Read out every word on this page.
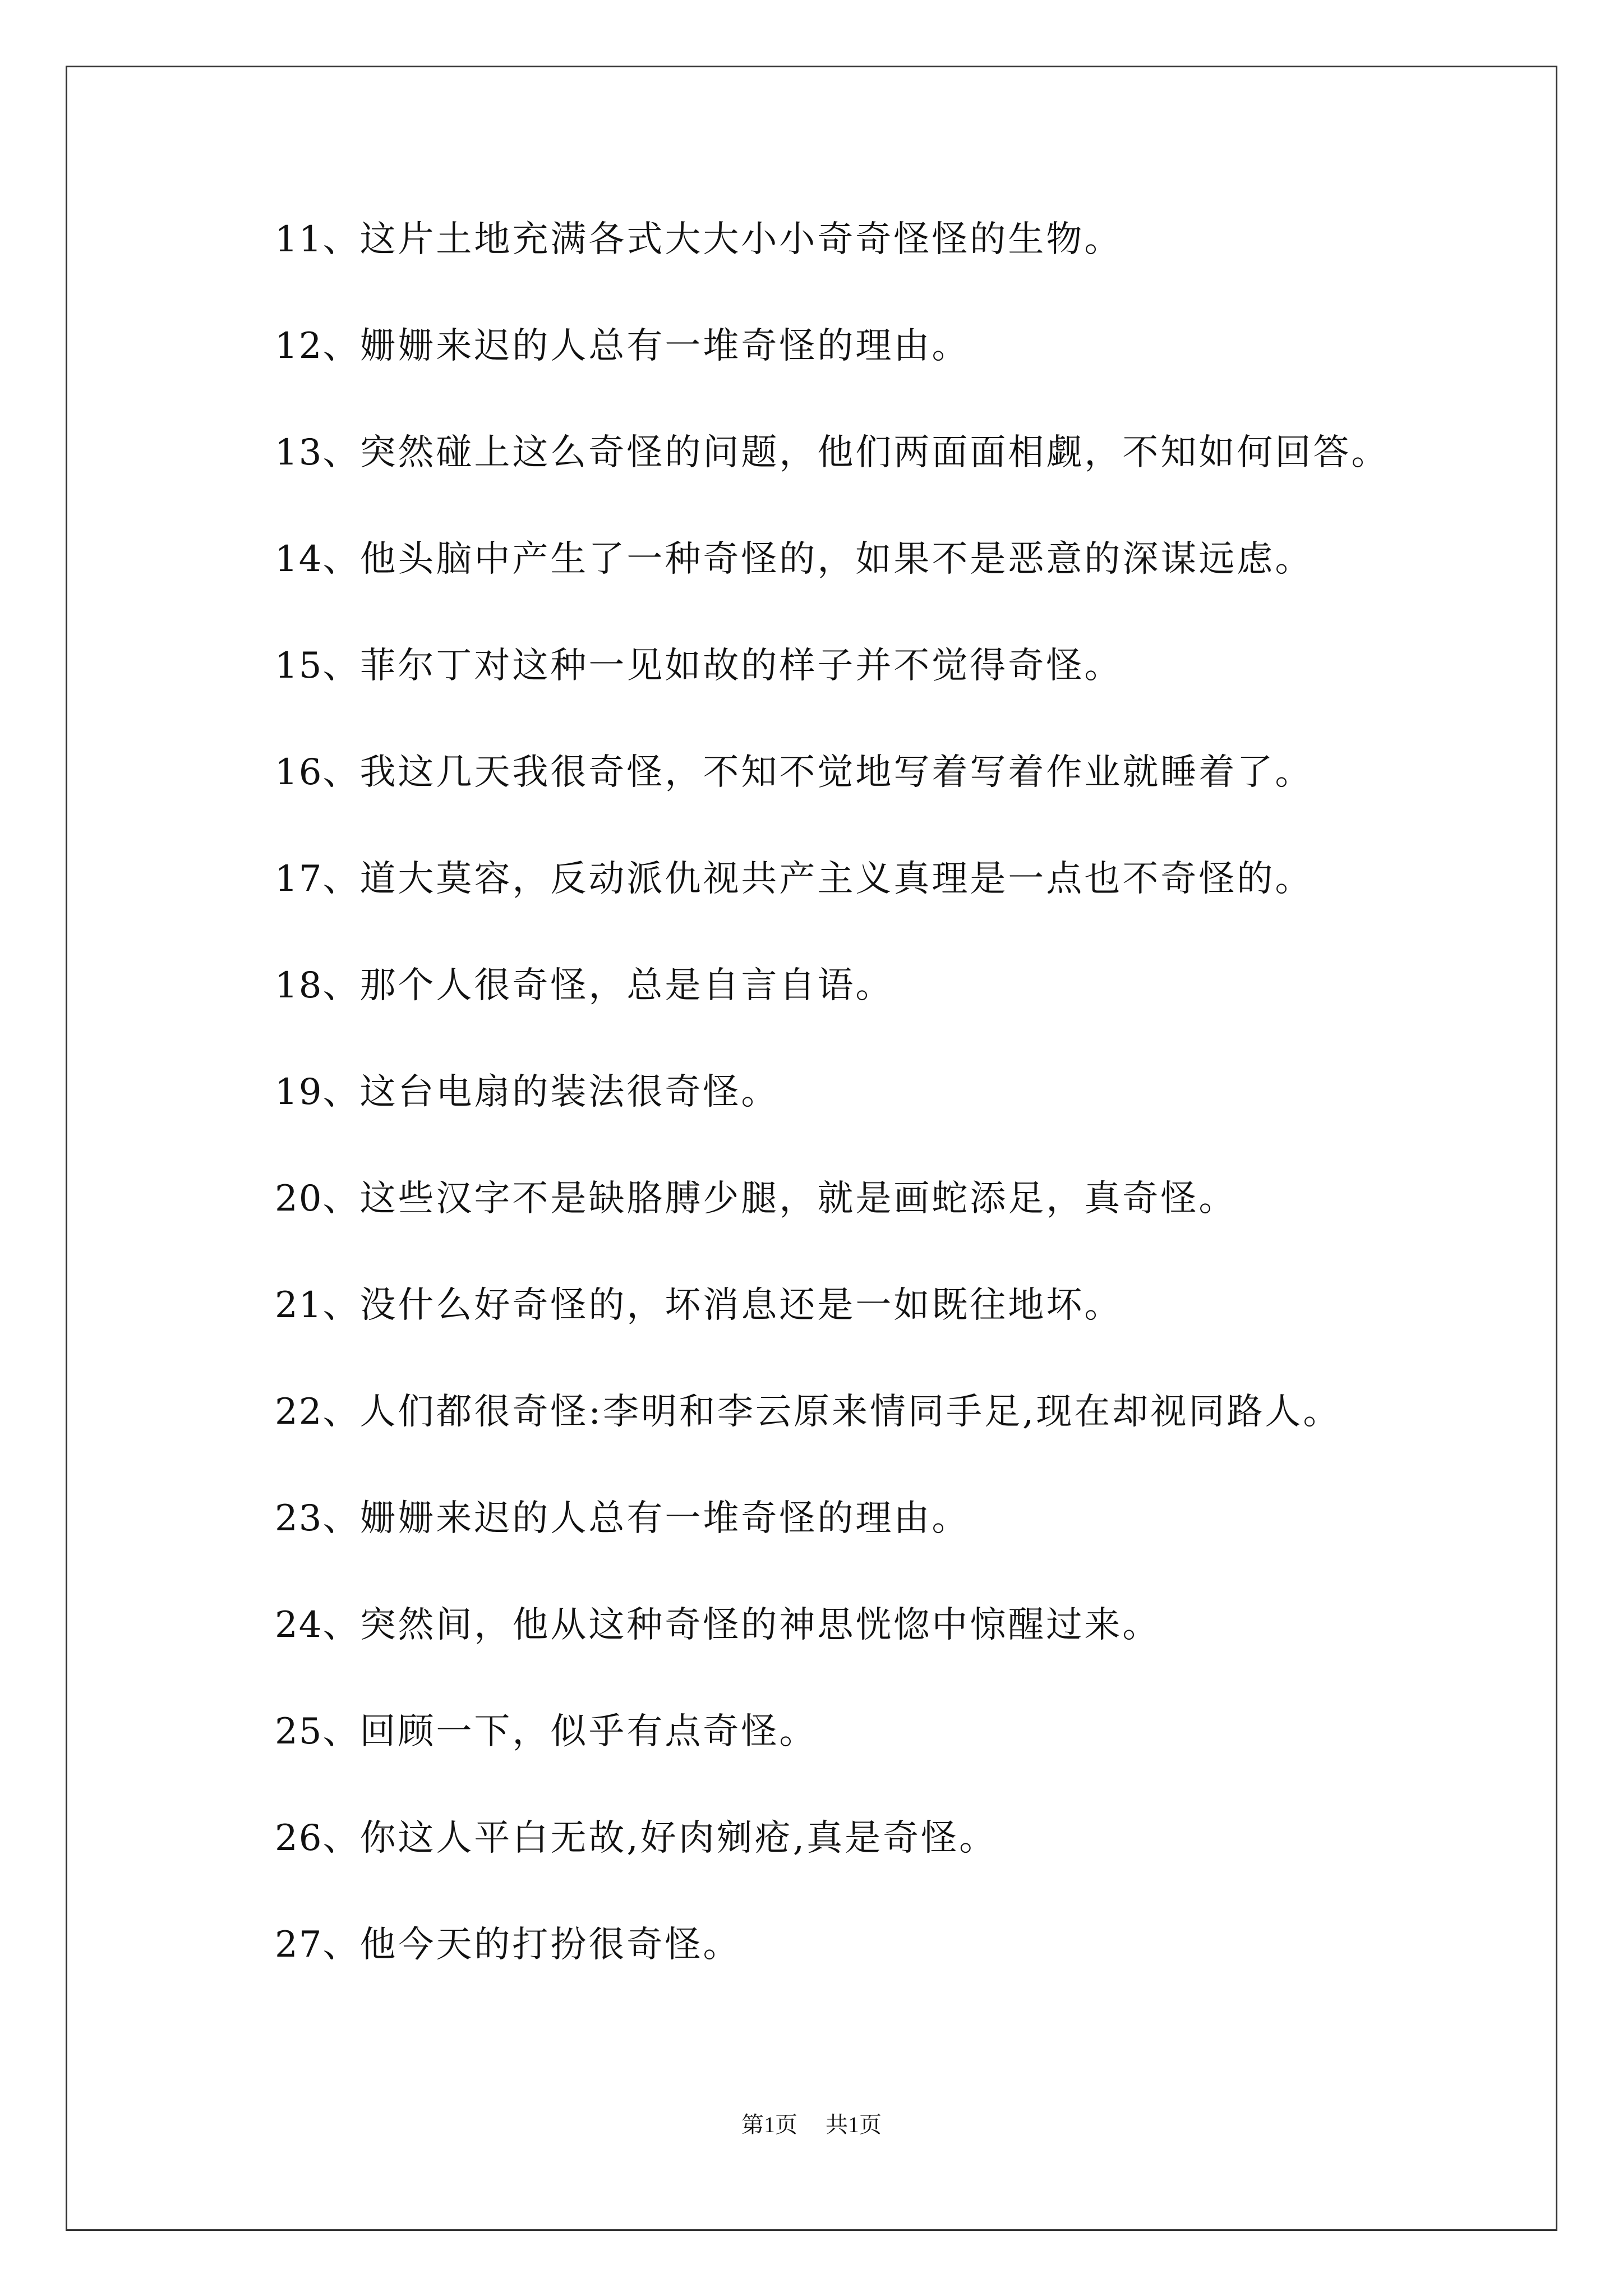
11、 这片土地充满各式大大小小奇奇怪怪的生物。
12、 姗姗来迟的人总有一堆奇怪的理由。
13、 突然碰上这么奇怪的问题，他们两面面相觑，不知如何回答。
14、 他头脑中产生了一种奇怪的，如果不是恶意的深谋远虑。
15、 菲尔丁对这种一见如故的样子并不觉得奇怪。
16、 我这几天我很奇怪，不知不觉地写着写着作业就睡着了。
17、 道大莫容，反动派仇视共产主义真理是一点也不奇怪的。
18、 那个人很奇怪，总是自言自语。
19、 这台电扇的装法很奇怪。
20、 这些汉字不是缺胳膊少腿，就是画蛇添足，真奇怪。
21、 没什么好奇怪的，坏消息还是一如既往地坏。
22、 人们都很奇怪:李明和李云原来情同手足,现在却视同路人。
23、 姗姗来迟的人总有一堆奇怪的理由。
24、 突然间，他从这种奇怪的神思恍惚中惊醒过来。
25、 回顾一下，似乎有点奇怪。
26、 你这人平白无故,好肉剜疮,真是奇怪。
27、 他今天的打扮很奇怪。
第1页 共1页
